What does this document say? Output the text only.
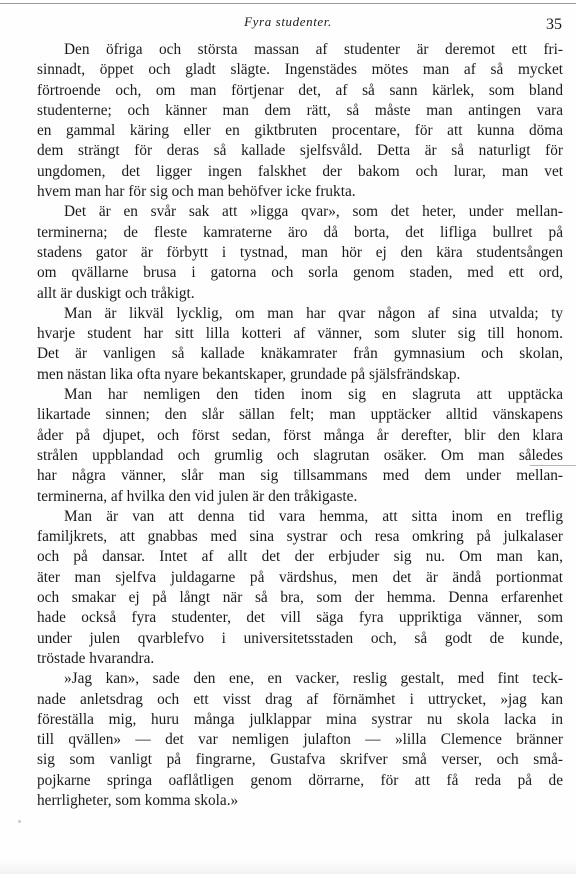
Fyra studenter.	35
Den öfriga och största massan af studenter är deremot ett fri-
sinnadt, öppet och gladt slägte. Ingenstädes mötes man af så mycket
förtroende och, om man förtjenar det, af så sann kärlek, som bland
studenterne; och känner man dem rätt, så måste man antingen vara
en gammal käring eller en giktbruten procentare, för att kunna döma
dem strängt för deras så kallade sjelfsvåld. Detta är så naturligt för
ungdomen, det ligger ingen falskhet der bakom och lurar, man vet
hvem man har för sig och man behöfver icke frukta.
Det är en svår sak att »ligga qvar», som det heter, under mellan-
terminerna; de fleste kamraterne äro då borta, det lifliga bullret på
stadens gator är förbytt i tystnad, man hör ej den kära studentsången
om qvällarne brusa i gatorna och sorla genom staden, med ett ord,
allt är duskigt och tråkigt.
Man är likväl lycklig, om man har qvar någon af sina utvalda; ty
hvarje student har sitt lilla kotteri af vänner, som sluter sig till honom.
Det är vanligen så kallade knäkamrater från gymnasium och skolan,
men nästan lika ofta nyare bekantskaper, grundade på själsfrändskap.
Man har nemligen den tiden inom sig en slagruta att upptäcka
likartade sinnen; den slår sällan felt; man upptäcker alltid vänskapens
åder på djupet, och först sedan, först många år derefter, blir den klara
strålen uppblandad och grumlig och slagrutan osäker. Om man således
har några vänner, slår man sig tillsammans med dem under mellan-
terminerna, af hvilka den vid julen är den tråkigaste.
Man är van att denna tid vara hemma, att sitta inom en treflig
familjkrets, att gnabbas med sina systrar och resa omkring på julkalaser
och på dansar. Intet af allt det der erbjuder sig nu. Om man kan,
äter man sjelfva juldagarne på värdshus, men det är ändå portionmat
och smakar ej på långt när så bra, som der hemma. Denna erfarenhet
hade också fyra studenter, det vill säga fyra uppriktiga vänner, som
under julen qvarblefvo i universitetsstaden och, så godt de kunde,
tröstade hvarandra.
»Jag kan», sade den ene, en vacker, reslig gestalt, med fint teck-
nade anletsdrag och ett visst drag af förnämhet i uttrycket, »jag kan
föreställa mig, huru många julklappar mina systrar nu skola lacka in
till qvällen» — det var nemligen julafton — »lilla Clemence bränner
sig som vanligt på fingrarne, Gustafva skrifver små verser, och små-
pojkarne springa oaflåtligen genom dörrarne, för att få reda på de
herrligheter, som komma skola.»
